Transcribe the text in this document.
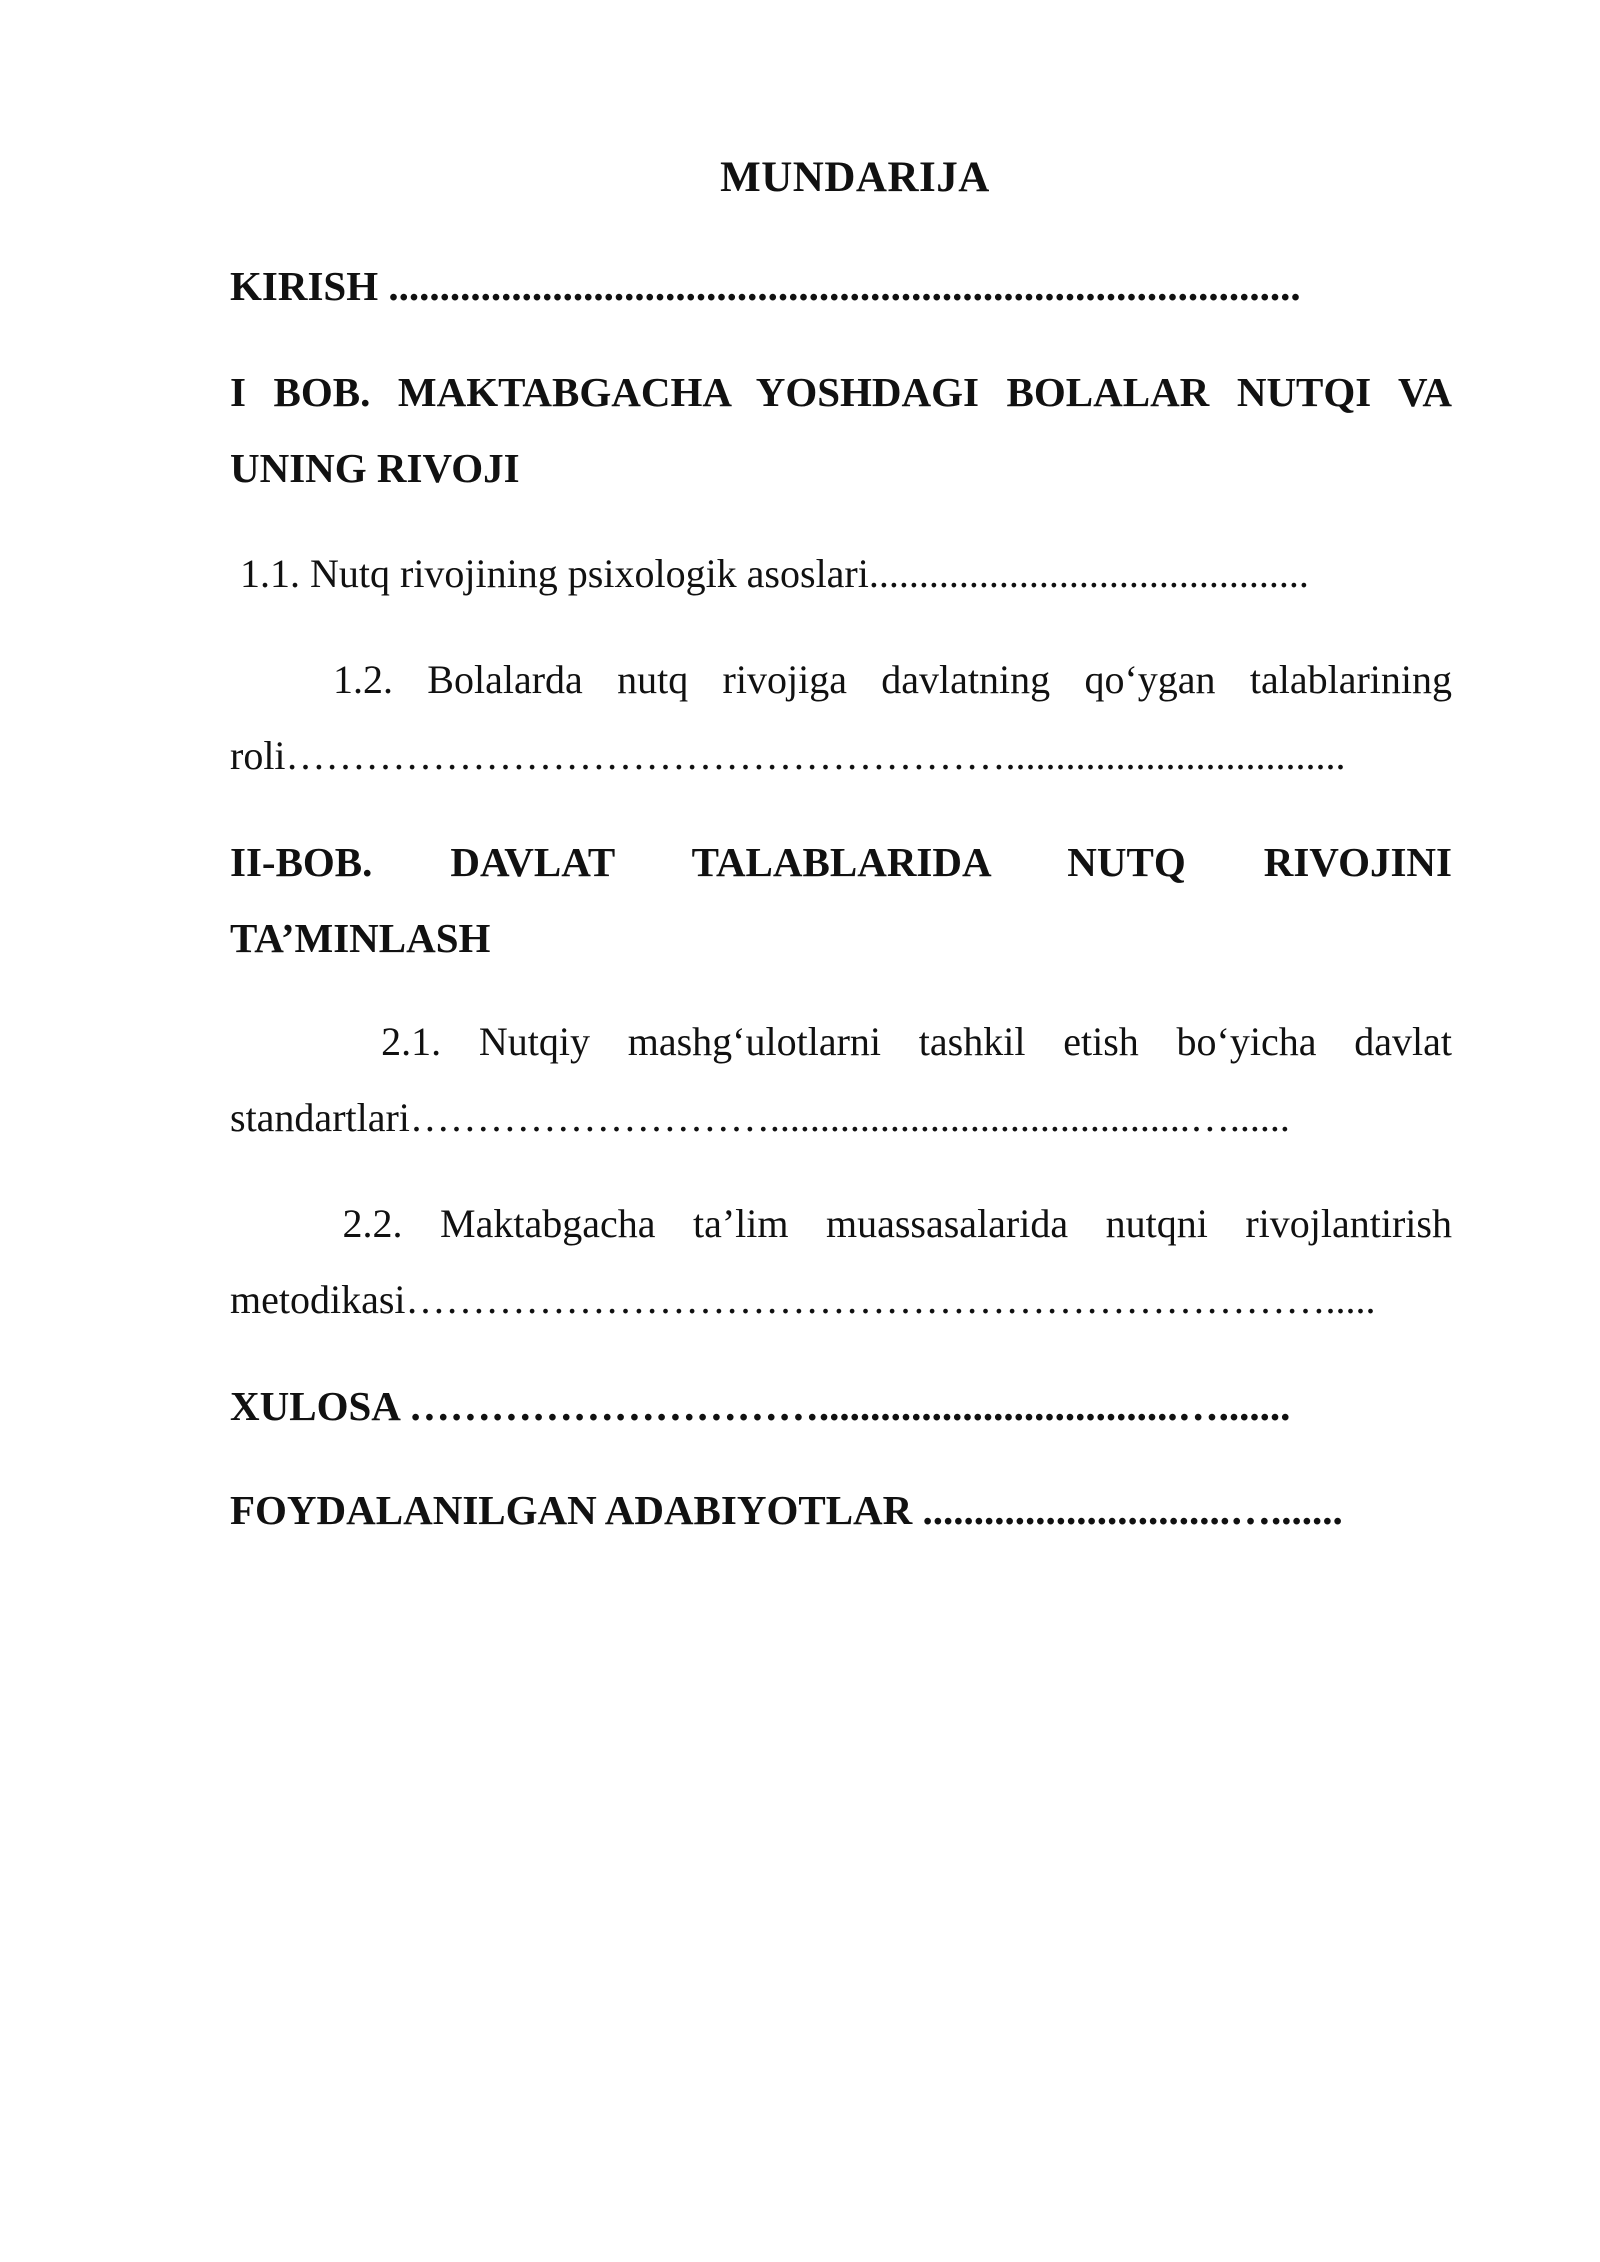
MUNDARIJA
KIRISH .........................................................................................
I BOB. MAKTABGACHA YOSHDAGI BOLALAR NUTQI VA
UNING RIVOJI
1.1. Nutq rivojining psixologik asoslari............................................
1.2. Bolalarda nutq rivojiga davlatning qo‘ygan talablarining
roli………………………………………………..................................
II-BOB. DAVLAT TALABLARIDA NUTQ RIVOJINI
TA’MINLASH
2.1. Nutqiy mashg‘ulotlarni tashkil etish bo‘yicha davlat
standartlari………………………..........................................…......
2.2. Maktabgacha ta’lim muassasalarida nutqni rivojlantirish
metodikasi…………………………………………………………….....
XULOSA …………………………...................................….......
FOYDALANILGAN ADABIYOTLAR ..............................….......
